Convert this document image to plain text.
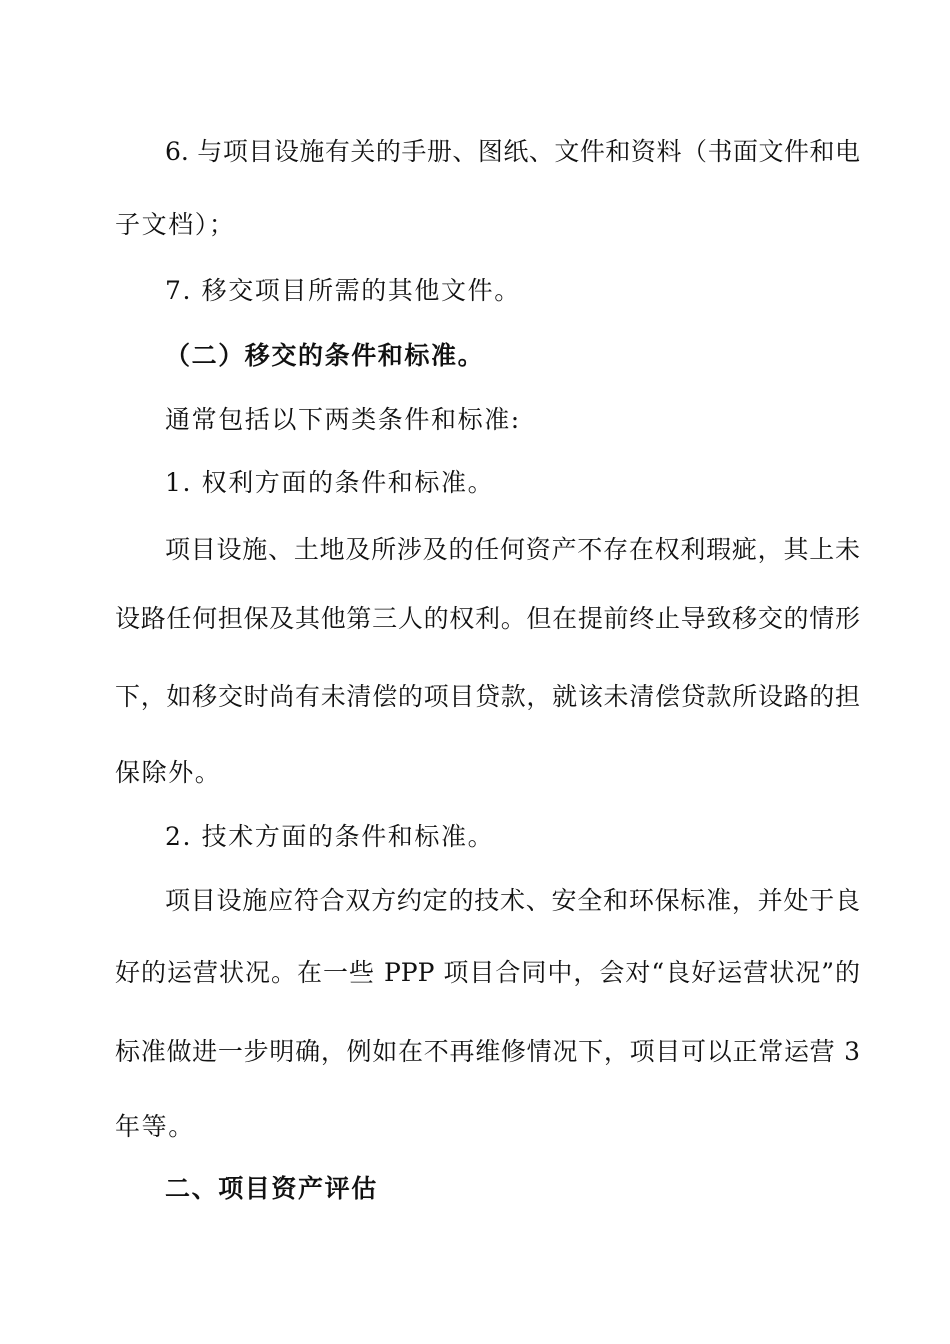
6. 与项目设施有关的手册、图纸、文件和资料（书面文件和电
子文档）；
7. 移交项目所需的其他文件。
（二）移交的条件和标准。
通常包括以下两类条件和标准:
1. 权利方面的条件和标准。
项目设施、土地及所涉及的任何资产不存在权利瑕疵，其上未
设路任何担保及其他第三人的权利。但在提前终止导致移交的情形
下，如移交时尚有未清偿的项目贷款，就该未清偿贷款所设路的担
保除外。
2. 技术方面的条件和标准。
项目设施应符合双方约定的技术、安全和环保标准，并处于良
好的运营状况。在一些 PPP 项目合同中，会对“良好运营状况”的
标准做进一步明确，例如在不再维修情况下，项目可以正常运营 3
年等。
二、项目资产评估
